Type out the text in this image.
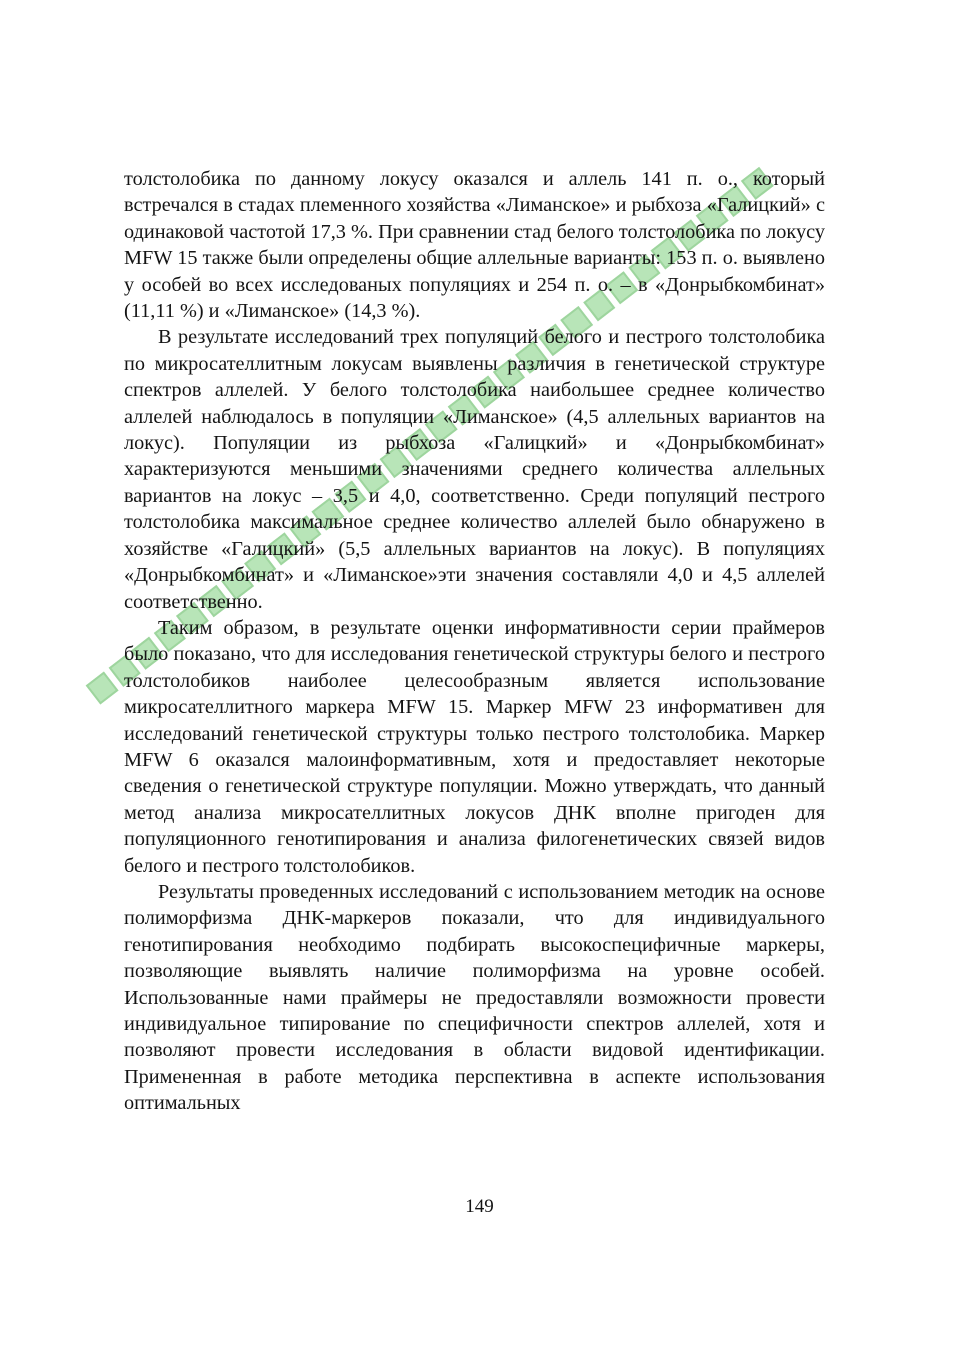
толстолобика по данному локусу оказался и аллель 141 п. о., который встречался в стадах племенного хозяйства «Лиманское» и рыбхоза «Галицкий» с одинаковой частотой 17,3 %. При сравнении стад белого толстолобика по локусу MFW 15 также были определены общие аллельные варианты: 153 п. о. выявлено у особей во всех исследованых популяциях и 254 п. о. – в «Донрыбкомбинат» (11,11 %) и «Лиманское» (14,3 %).

В результате исследований трех популяций белого и пестрого толстолобика по микросателлитным локусам выявлены различия в генетической структуре спектров аллелей. У белого толстолобика наибольшее среднее количество аллелей наблюдалось в популяции «Лиманское» (4,5 аллельных вариантов на локус). Популяции из рыбхоза «Галицкий» и «Донрыбкомбинат» характеризуются меньшими значениями среднего количества аллельных вариантов на локус – 3,5 и 4,0, соответственно. Среди популяций пестрого толстолобика максимальное среднее количество аллелей было обнаружено в хозяйстве «Галицкий» (5,5 аллельных вариантов на локус). В популяциях «Донрыбкомбинат» и «Лиманское»эти значения составляли 4,0 и 4,5 аллелей соответственно.

Таким образом, в результате оценки информативности серии праймеров было показано, что для исследования генетической структуры белого и пестрого толстолобиков наиболее целесообразным является использование микросателлитного маркера MFW 15. Маркер MFW 23 информативен для исследований генетической структуры только пестрого толстолобика. Маркер MFW 6 оказался малоинформативным, хотя и предоставляет некоторые сведения о генетической структуре популяции. Можно утверждать, что данный метод анализа микросателлитных локусов ДНК вполне пригоден для популяционного генотипирования и анализа филогенетических связей видов белого и пестрого толстолобиков.

Результаты проведенных исследований с использованием методик на основе полиморфизма ДНК-маркеров показали, что для индивидуального генотипирования необходимо подбирать высокоспецифичные маркеры, позволяющие выявлять наличие полиморфизма на уровне особей. Использованные нами праймеры не предоставляли возможности провести индивидуальное типирование по специфичности спектров аллелей, хотя и позволяют провести исследования в области видовой идентификации. Примененная в работе методика перспективна в аспекте использования оптимальных

149
